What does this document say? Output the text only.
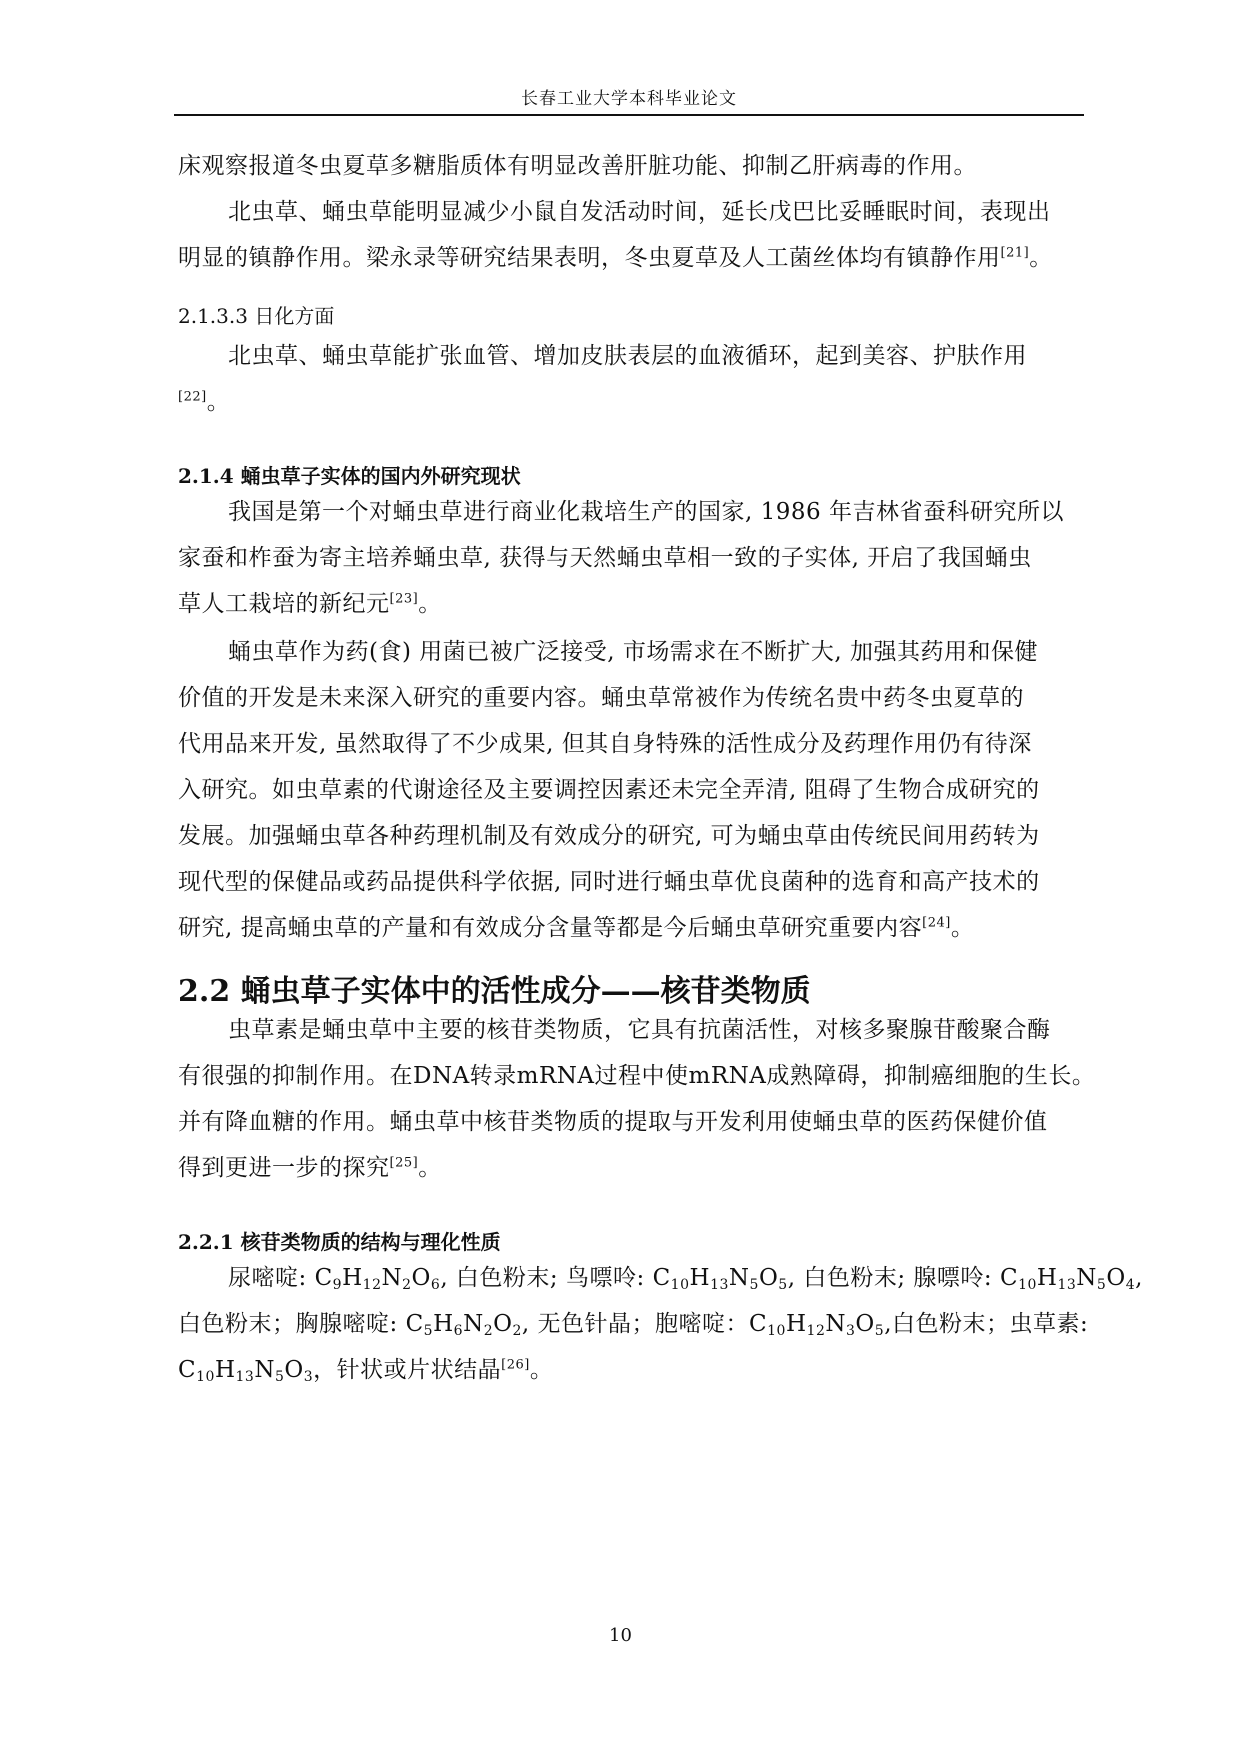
长春工业大学本科毕业论文
床观察报道冬虫夏草多糖脂质体有明显改善肝脏功能、抑制乙肝病毒的作用。
北虫草、蛹虫草能明显减少小鼠自发活动时间，延长戊巴比妥睡眠时间，表现出
明显的镇静作用。梁永录等研究结果表明，冬虫夏草及人工菌丝体均有镇静作用[21]。
2.1.3.3 日化方面
北虫草、蛹虫草能扩张血管、增加皮肤表层的血液循环，起到美容、护肤作用
[22]。
2.1.4 蛹虫草子实体的国内外研究现状
我国是第一个对蛹虫草进行商业化栽培生产的国家, 1986 年吉林省蚕科研究所以
家蚕和柞蚕为寄主培养蛹虫草, 获得与天然蛹虫草相一致的子实体, 开启了我国蛹虫
草人工栽培的新纪元[23]。
蛹虫草作为药(食) 用菌已被广泛接受, 市场需求在不断扩大, 加强其药用和保健
价值的开发是未来深入研究的重要内容。蛹虫草常被作为传统名贵中药冬虫夏草的
代用品来开发, 虽然取得了不少成果, 但其自身特殊的活性成分及药理作用仍有待深
入研究。如虫草素的代谢途径及主要调控因素还未完全弄清, 阻碍了生物合成研究的
发展。加强蛹虫草各种药理机制及有效成分的研究, 可为蛹虫草由传统民间用药转为
现代型的保健品或药品提供科学依据, 同时进行蛹虫草优良菌种的选育和高产技术的
研究, 提高蛹虫草的产量和有效成分含量等都是今后蛹虫草研究重要内容[24]。
2.2 蛹虫草子实体中的活性成分——核苷类物质
虫草素是蛹虫草中主要的核苷类物质，它具有抗菌活性，对核多聚腺苷酸聚合酶
有很强的抑制作用。在DNA转录mRNA过程中使mRNA成熟障碍，抑制癌细胞的生长。
并有降血糖的作用。蛹虫草中核苷类物质的提取与开发利用使蛹虫草的医药保健价值
得到更进一步的探究[25]。
2.2.1 核苷类物质的结构与理化性质
尿嘧啶: $C_9H_{12}N_2O_6$, 白色粉末; 鸟嘌呤: $C_{10}H_{13}N_5O_5$, 白色粉末; 腺嘌呤: $C_{10}H_{13}N_5O_4$,
白色粉末；胸腺嘧啶: $C_5H_6N_2O_2$, 无色针晶；胞嘧啶：$C_{10}H_{12}N_3O_5$,白色粉末；虫草素:
$C_{10}H_{13}N_5O_3$，针状或片状结晶[26]。
10
